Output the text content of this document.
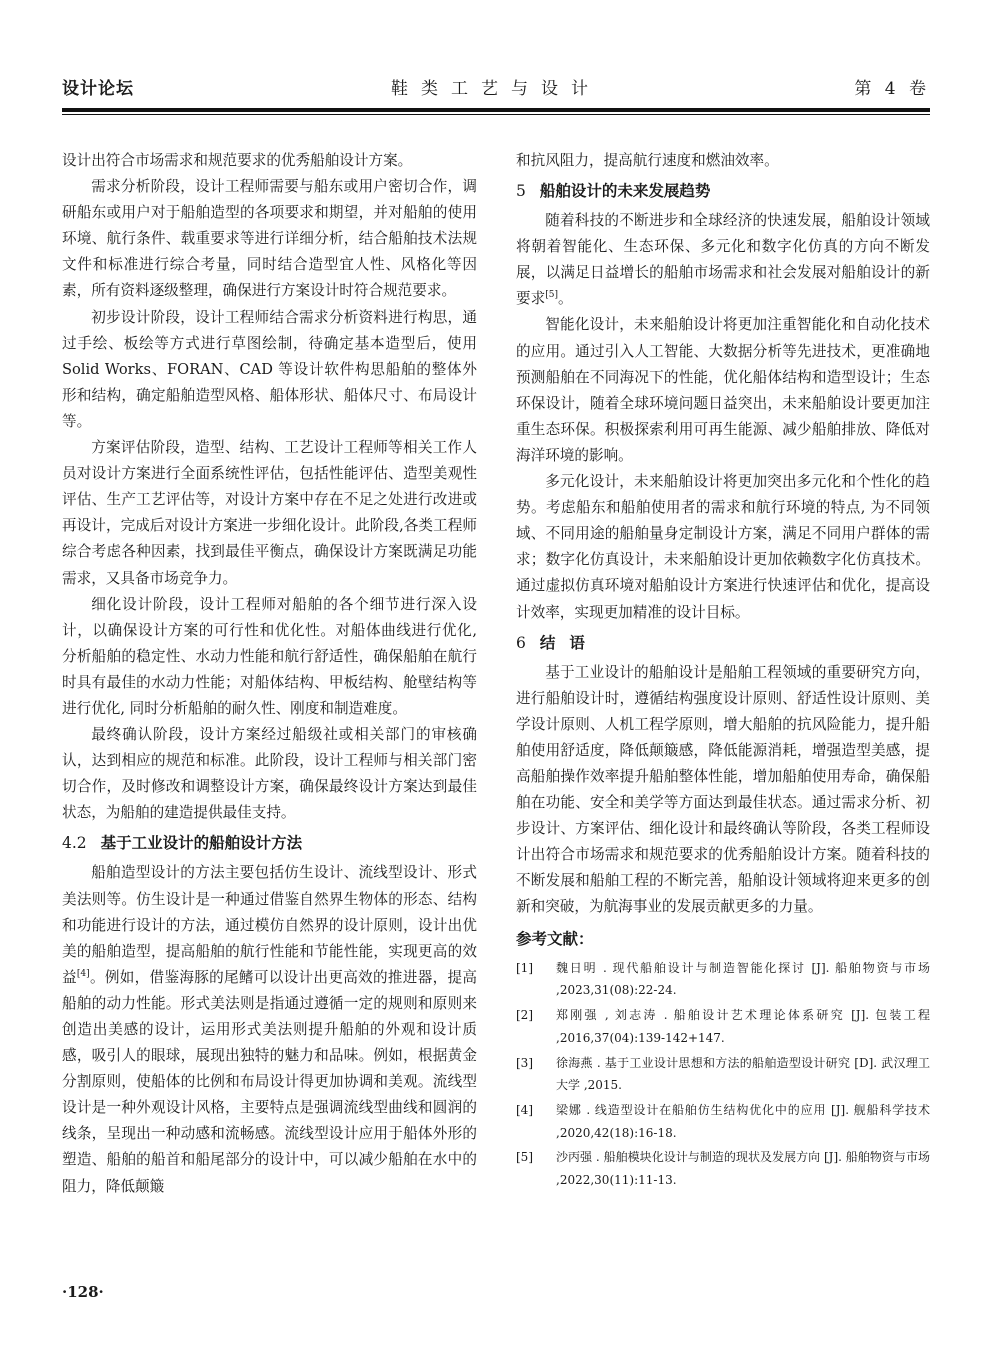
设计论坛	鞋类工艺与设计	第 4 卷

设计出符合市场需求和规范要求的优秀船舶设计方案。

需求分析阶段，设计工程师需要与船东或用户密切合作，调研船东或用户对于船舶造型的各项要求和期望，并对船舶的使用环境、航行条件、载重要求等进行详细分析，结合船舶技术法规文件和标准进行综合考量，同时结合造型宜人性、风格化等因素，所有资料逐级整理，确保进行方案设计时符合规范要求。

初步设计阶段，设计工程师结合需求分析资料进行构思，通过手绘、板绘等方式进行草图绘制，待确定基本造型后，使用 Solid Works、FORAN、CAD 等设计软件构思船舶的整体外形和结构，确定船舶造型风格、船体形状、船体尺寸、布局设计等。

方案评估阶段，造型、结构、工艺设计工程师等相关工作人员对设计方案进行全面系统性评估，包括性能评估、造型美观性评估、生产工艺评估等，对设计方案中存在不足之处进行改进或再设计，完成后对设计方案进一步细化设计。此阶段,各类工程师综合考虑各种因素，找到最佳平衡点，确保设计方案既满足功能需求，又具备市场竞争力。

细化设计阶段，设计工程师对船舶的各个细节进行深入设计，以确保设计方案的可行性和优化性。对船体曲线进行优化, 分析船舶的稳定性、水动力性能和航行舒适性，确保船舶在航行时具有最佳的水动力性能；对船体结构、甲板结构、舱壁结构等进行优化, 同时分析船舶的耐久性、刚度和制造难度。

最终确认阶段，设计方案经过船级社或相关部门的审核确认，达到相应的规范和标准。此阶段，设计工程师与相关部门密切合作，及时修改和调整设计方案，确保最终设计方案达到最佳状态，为船舶的建造提供最佳支持。

4.2 基于工业设计的船舶设计方法

船舶造型设计的方法主要包括仿生设计、流线型设计、形式美法则等。仿生设计是一种通过借鉴自然界生物体的形态、结构和功能进行设计的方法，通过模仿自然界的设计原则，设计出优美的船舶造型，提高船舶的航行性能和节能性能，实现更高的效益[4]。例如，借鉴海豚的尾鳍可以设计出更高效的推进器，提高船舶的动力性能。形式美法则是指通过遵循一定的规则和原则来创造出美感的设计，运用形式美法则提升船舶的外观和设计质感，吸引人的眼球，展现出独特的魅力和品味。例如，根据黄金分割原则，使船体的比例和布局设计得更加协调和美观。流线型设计是一种外观设计风格，主要特点是强调流线型曲线和圆润的线条，呈现出一种动感和流畅感。流线型设计应用于船体外形的塑造、船舶的船首和船尾部分的设计中，可以减少船舶在水中的阻力，降低颠簸

和抗风阻力，提高航行速度和燃油效率。

5 船舶设计的未来发展趋势

随着科技的不断进步和全球经济的快速发展，船舶设计领域将朝着智能化、生态环保、多元化和数字化仿真的方向不断发展，以满足日益增长的船舶市场需求和社会发展对船舶设计的新要求[5]。

智能化设计，未来船舶设计将更加注重智能化和自动化技术的应用。通过引入人工智能、大数据分析等先进技术，更准确地预测船舶在不同海况下的性能，优化船体结构和造型设计；生态环保设计，随着全球环境问题日益突出，未来船舶设计要更加注重生态环保。积极探索利用可再生能源、减少船舶排放、降低对海洋环境的影响。

多元化设计，未来船舶设计将更加突出多元化和个性化的趋势。考虑船东和船舶使用者的需求和航行环境的特点, 为不同领域、不同用途的船舶量身定制设计方案，满足不同用户群体的需求；数字化仿真设计，未来船舶设计更加依赖数字化仿真技术。通过虚拟仿真环境对船舶设计方案进行快速评估和优化，提高设计效率，实现更加精准的设计目标。

6 结语

基于工业设计的船舶设计是船舶工程领域的重要研究方向，进行船舶设计时，遵循结构强度设计原则、舒适性设计原则、美学设计原则、人机工程学原则，增大船舶的抗风险能力，提升船舶使用舒适度，降低颠簸感，降低能源消耗，增强造型美感，提高船舶操作效率提升船舶整体性能，增加船舶使用寿命，确保船舶在功能、安全和美学等方面达到最佳状态。通过需求分析、初步设计、方案评估、细化设计和最终确认等阶段，各类工程师设计出符合市场需求和规范要求的优秀船舶设计方案。随着科技的不断发展和船舶工程的不断完善，船舶设计领域将迎来更多的创新和突破，为航海事业的发展贡献更多的力量。

参考文献：
[1]	魏日明 . 现代船舶设计与制造智能化探讨 [J]. 船舶物资与市场 ,2023,31(08):22-24.
[2]	郑刚强 , 刘志涛 . 船舶设计艺术理论体系研究 [J]. 包装工程 ,2016,37(04):139-142+147.
[3]	徐海燕 . 基于工业设计思想和方法的船舶造型设计研究 [D]. 武汉理工大学 ,2015.
[4]	梁娜 . 线造型设计在船舶仿生结构优化中的应用 [J]. 舰船科学技术 ,2020,42(18):16-18.
[5]	沙丙强 . 船舶模块化设计与制造的现状及发展方向 [J]. 船舶物资与市场 ,2022,30(11):11-13.
·128·
